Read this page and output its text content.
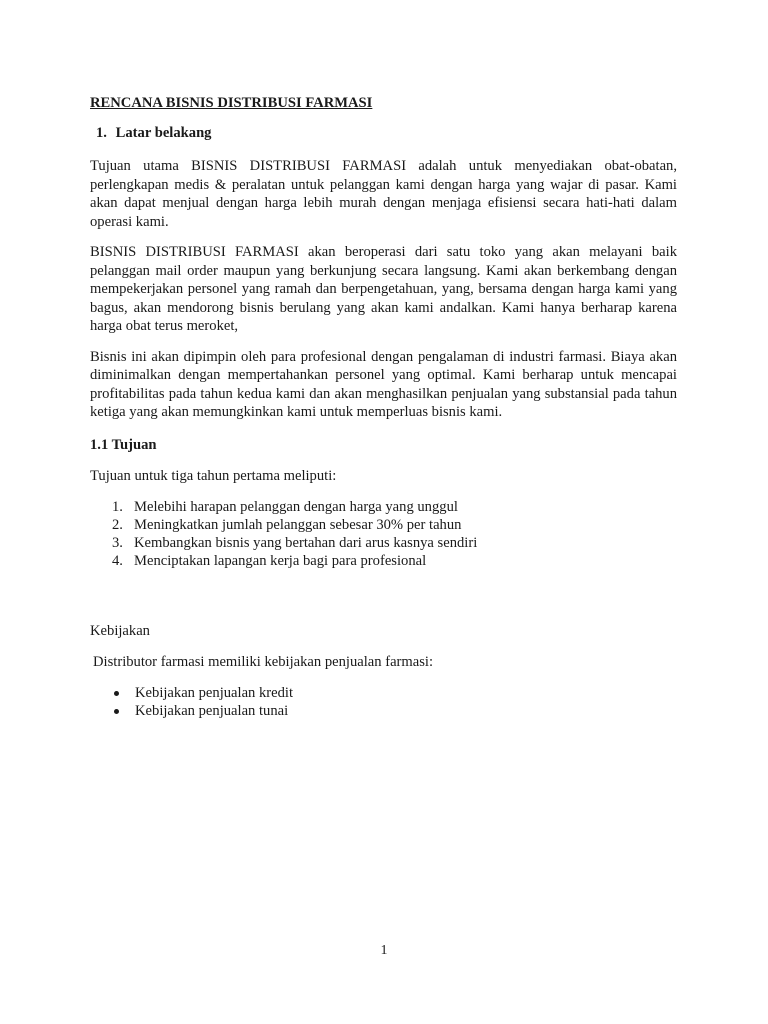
RENCANA BISNIS DISTRIBUSI FARMASI
1. Latar belakang

Tujuan utama BISNIS DISTRIBUSI FARMASI adalah untuk menyediakan obat-obatan, perlengkapan medis & peralatan untuk pelanggan kami dengan harga yang wajar di pasar. Kami akan dapat menjual dengan harga lebih murah dengan menjaga efisiensi secara hati-hati dalam operasi kami.

BISNIS DISTRIBUSI FARMASI akan beroperasi dari satu toko yang akan melayani baik pelanggan mail order maupun yang berkunjung secara langsung. Kami akan berkembang dengan mempekerjakan personel yang ramah dan berpengetahuan, yang, bersama dengan harga kami yang bagus, akan mendorong bisnis berulang yang akan kami andalkan. Kami hanya berharap karena harga obat terus meroket,

Bisnis ini akan dipimpin oleh para profesional dengan pengalaman di industri farmasi. Biaya akan diminimalkan dengan mempertahankan personel yang optimal. Kami berharap untuk mencapai profitabilitas pada tahun kedua kami dan akan menghasilkan penjualan yang substansial pada tahun ketiga yang akan memungkinkan kami untuk memperluas bisnis kami.

1.1 Tujuan

Tujuan untuk tiga tahun pertama meliputi:

1. Melebihi harapan pelanggan dengan harga yang unggul
2. Meningkatkan jumlah pelanggan sebesar 30% per tahun
3. Kembangkan bisnis yang bertahan dari arus kasnya sendiri
4. Menciptakan lapangan kerja bagi para profesional
Kebijakan
Distributor farmasi memiliki kebijakan penjualan farmasi:
Kebijakan penjualan kredit
Kebijakan penjualan tunai
1
